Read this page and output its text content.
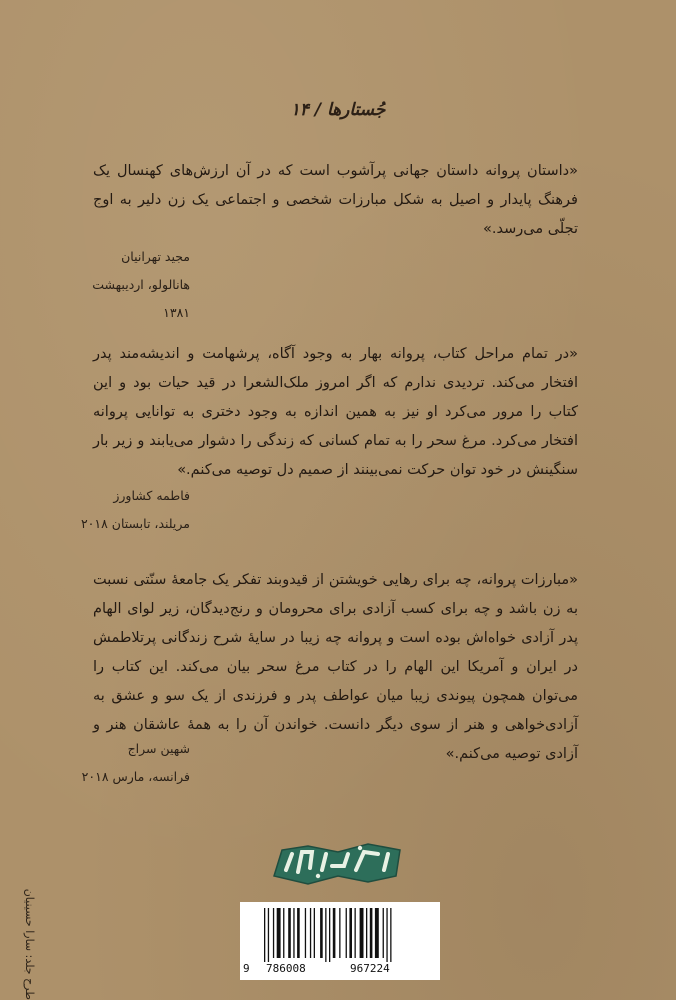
جُستارها / ۱۴

«داستان پروانه داستان جهانی پرآشوب است که در آن ارزش‌های کهنسال یک فرهنگ پایدار و اصیل به شکل مبارزات شخصی و اجتماعی یک زن دلیر به اوج تجلّی می‌رسد.»

مجید تهرانیان
هانالولو، اردیبهشت ۱۳۸۱

«در تمام مراحل کتاب، پروانه بهار به وجود آگاه، پرشهامت و اندیشه‌مند پدر افتخار می‌کند. تردیدی ندارم که اگر امروز ملک‌الشعرا در قید حیات بود و این کتاب را مرور می‌کرد او نیز به همین اندازه به وجود دختری به توانایی پروانه افتخار می‌کرد. مرغ سحر را به تمام کسانی که زندگی را دشوار می‌یابند و زیر بار سنگینش در خود توان حرکت نمی‌بینند از صمیم دل توصیه می‌کنم.»

فاطمه کشاورز
مریلند، تابستان ۲۰۱۸

«مبارزات پروانه، چه برای رهایی خویشتن از قیدوبند تفکر یک جامعهٔ سنّتی نسبت به زن باشد و چه برای کسب آزادی برای محرومان و رنج‌دیدگان، زیر لوای الهام پدر آزادی خواه‌اش بوده است و پروانه چه زیبا در سایهٔ شرح زندگانی پرتلاطمش در ایران و آمریکا این الهام را در کتاب مرغ سحر بیان می‌کند. این کتاب را می‌توان همچون پیوندی زیبا میان عواطف پدر و فرزندی از یک سو و عشق به آزادی‌خواهی و هنر از سوی دیگر دانست. خواندن آن را به همهٔ عاشقان هنر و آزادی توصیه می‌کنم.»

شهین سراج
فرانسه، مارس ۲۰۱۸
طرح جلد: سارا حسینیان	9 786008	967224
